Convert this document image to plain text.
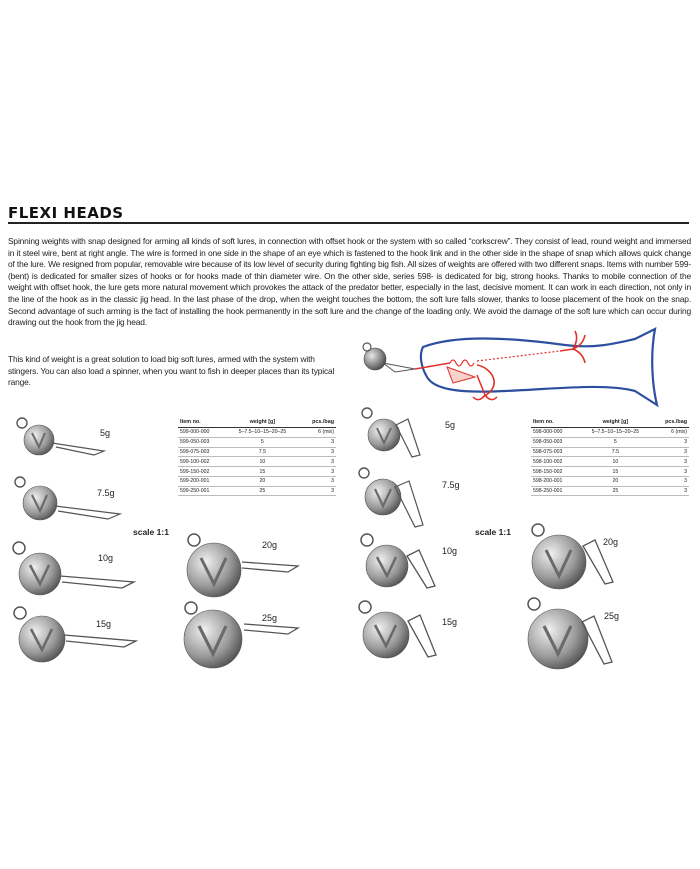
FLEXI HEADS

Spinning weights with snap designed for arming all kinds of soft lures, in connection with offset hook or the system with so called “corkscrew”. They consist of lead, round weight and immersed in it steel wire, bent at right angle. The wire is formed in one side in the shape of an eye which is fastened to the hook link and in the other side in the shape of snap which allows quick change of the lure. We resigned from popular, removable wire because of its low level of security during fighting big fish. All sizes of weights are offered with two different snaps. Items with number 599- (bent) is dedicated for smaller sizes of hooks or for hooks made of thin diameter wire. On the other side, series 598- is dedicated for big, strong hooks. Thanks to mobile connection of the weight with offset hook, the lure gets more natural movement which provokes the attack of the predator better, especially in the last, decisive moment. It can work in each direction, not only in the line of the hook as in the classic jig head. In the last phase of the drop, when the weight touches the bottom, the soft lure falls slower, thanks to loose placement of the hook on the snap. Second advantage of such arming is the fact of installing the hook permanently in the soft lure and the change of the loading only. We avoid the damage of the soft lure which can occur during drawing out the hook from the jig head.

This kind of weight is a great solution to load big soft lures, armed with the system with stingers. You can also load a spinner, when you want to fish in deeper places than its typical range.

5g
7.5g
10g
15g
scale 1:1
20g
25g
Item no.	weight [g]	pcs./bag
599-000-000	5–7.5–10–15–20–25	6 (mix)
599-050-003	5	3
599-075-003	7.5	3
599-100-002	10	3
599-150-002	15	3
599-200-001	20	3
599-250-001	25	3
5g
7.5g
10g
15g
scale 1:1
20g
25g
Item no.	weight [g]	pcs./bag
598-000-000	5–7.5–10–15–20–25	6 (mix)
598-050-003	5	3
598-075-003	7.5	3
598-100-002	10	3
598-150-002	15	3
598-200-001	20	3
598-250-001	25	3
